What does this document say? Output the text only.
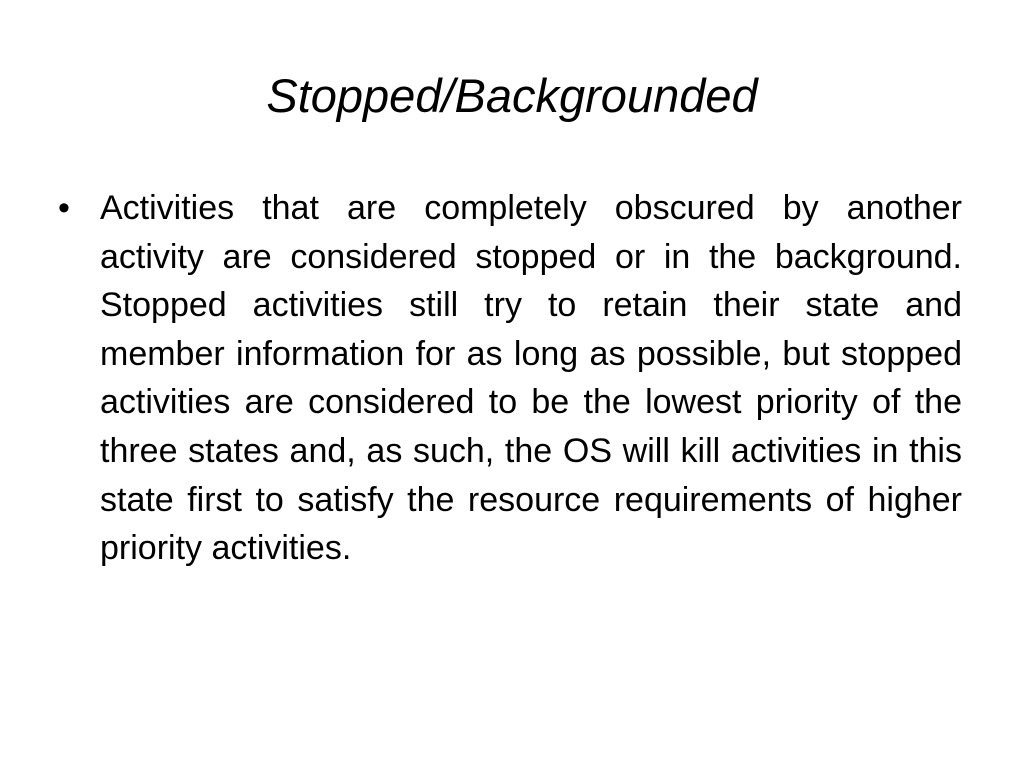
Stopped/Backgrounded
• Activities that are completely obscured by another activity are considered stopped or in the background. Stopped activities still try to retain their state and member information for as long as possible, but stopped activities are considered to be the lowest priority of the three states and, as such, the OS will kill activities in this state first to satisfy the resource requirements of higher priority activities.
